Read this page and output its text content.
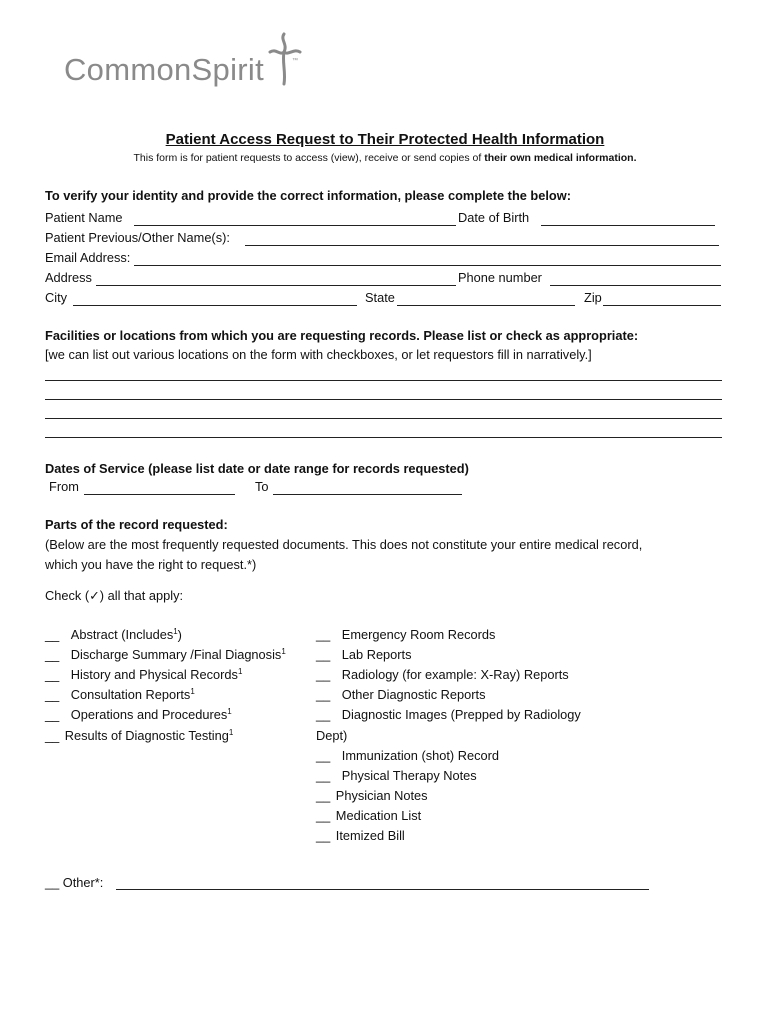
CommonSpirit	™
Patient Access Request to Their Protected Health Information
This form is for patient requests to access (view), receive or send copies of their own medical information.
To verify your identity and provide the correct information, please complete the below:
Patient Name	Date of Birth
Patient Previous/Other Name(s):
Email Address:
Address	Phone number
City	State	Zip
Facilities or locations from which you are requesting records. Please list or check as appropriate:
[we can list out various locations on the form with checkboxes, or let requestors fill in narratively.]
Dates of Service (please list date or date range for records requested)
From	To
Parts of the record requested:
(Below are the most frequently requested documents. This does not constitute your entire medical record,
which you have the right to request.*)
Check (✓) all that apply:
__ Abstract (Includes$^1$)
__ Discharge Summary /Final Diagnosis$^1$
__ History and Physical Records$^1$
__ Consultation Reports$^1$
__ Operations and Procedures$^1$
__ Results of Diagnostic Testing$^1$
__ Emergency Room Records
__ Lab Reports
__ Radiology (for example: X-Ray) Reports
__ Other Diagnostic Reports
__ Diagnostic Images (Prepped by Radiology
Dept)
__ Immunization (shot) Record
__ Physical Therapy Notes
__ Physician Notes
__ Medication List
__ Itemized Bill
__ Other*:
